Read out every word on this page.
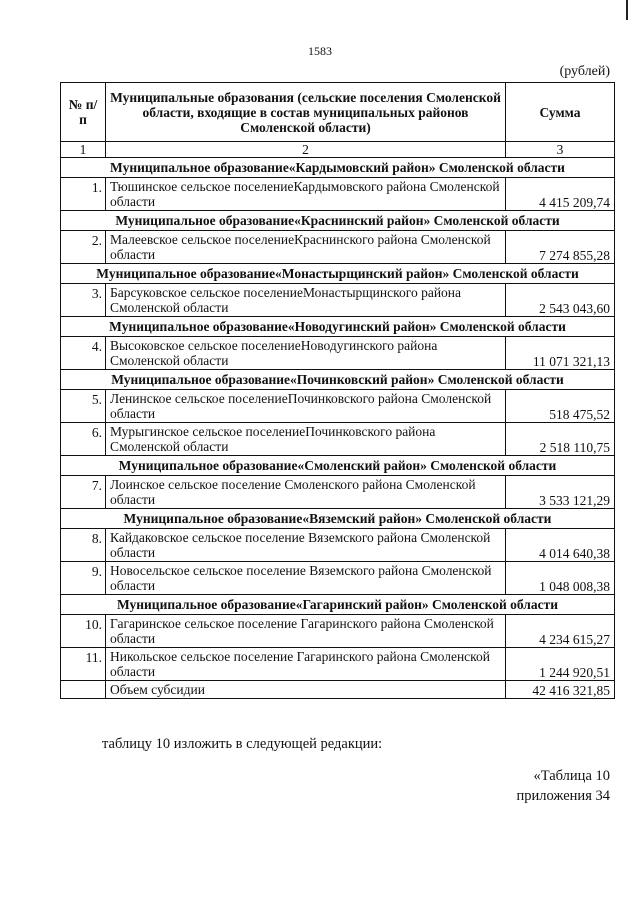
1583
(рублей)
№ п/п	Муниципальные образования (сельские поселения Смоленской области, входящие в состав муниципальных районов Смоленской области)	Сумма
1	2	3
Муниципальное образование«Кардымовский район» Смоленской области		
1.	Тюшинское сельское поселениеКардымовского района Смоленской области	4 415 209,74
Муниципальное образование«Краснинский район» Смоленской области		
2.	Малеевское сельское поселениеКраснинского района Смоленской области	7 274 855,28
Муниципальное образование«Монастырщинский район» Смоленской области		
3.	Барсуковское сельское поселениеМонастырщинского района Смоленской области	2 543 043,60
Муниципальное образование«Новодугинский район» Смоленской области		
4.	Высоковское сельское поселениеНоводугинского района Смоленской области	11 071 321,13
Муниципальное образование«Починковский район» Смоленской области		
5.	Ленинское сельское поселениеПочинковского района Смоленской области	518 475,52
6.	Мурыгинское сельское поселениеПочинковского района Смоленской области	2 518 110,75
Муниципальное образование«Смоленский район» Смоленской области		
7.	Лоинское сельское поселение Смоленского района Смоленской области	3 533 121,29
Муниципальное образование«Вяземский район» Смоленской области		
8.	Кайдаковское сельское поселение Вяземского района Смоленской области	4 014 640,38
9.	Новосельское сельское поселение Вяземского района Смоленской области	1 048 008,38
Муниципальное образование«Гагаринский район» Смоленской области		
10.	Гагаринское сельское поселение Гагаринского района Смоленской области	4 234 615,27
11.	Никольское сельское поселение Гагаринского района Смоленской области	1 244 920,51
	Объем субсидии	42 416 321,85
таблицу 10 изложить в следующей редакции:
«Таблица 10
приложения 34
